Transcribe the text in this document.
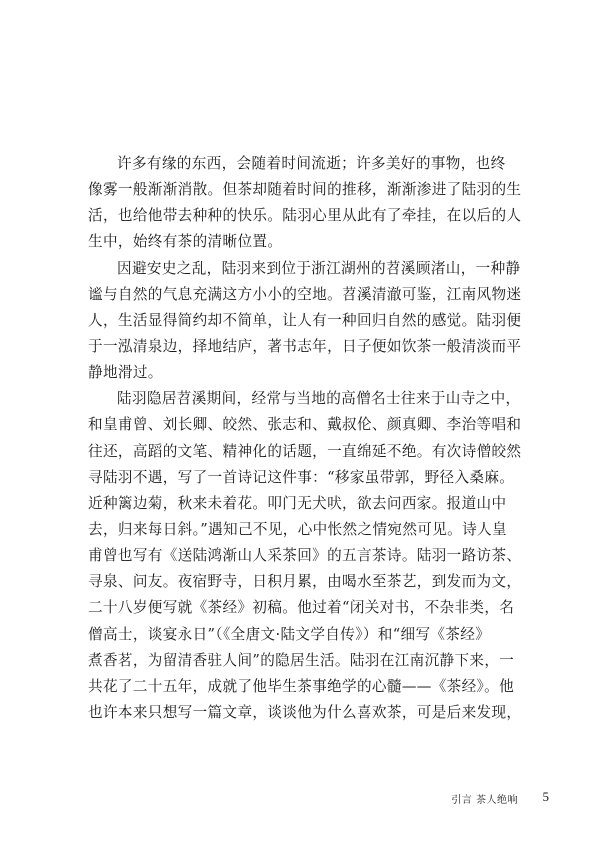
许多有缘的东西，会随着时间流逝；许多美好的事物，也终
像雾一般渐渐消散。但茶却随着时间的推移，渐渐渗进了陆羽的生
活，也给他带去种种的快乐。陆羽心里从此有了牵挂，在以后的人
生中，始终有茶的清晰位置。
因避安史之乱，陆羽来到位于浙江湖州的苕溪顾渚山，一种静
谧与自然的气息充满这方小小的空地。苕溪清澈可鉴，江南风物迷
人，生活显得简约却不简单，让人有一种回归自然的感觉。陆羽便
于一泓清泉边，择地结庐，著书志年，日子便如饮茶一般清淡而平
静地滑过。
陆羽隐居苕溪期间，经常与当地的高僧名士往来于山寺之中，
和皇甫曾、刘长卿、皎然、张志和、戴叔伦、颜真卿、李治等唱和
往还，高蹈的文笔、精神化的话题，一直绵延不绝。有次诗僧皎然
寻陆羽不遇，写了一首诗记这件事：“移家虽带郭，野径入桑麻。
近种篱边菊，秋来未着花。叩门无犬吠，欲去问西家。报道山中
去，归来每日斜。”遇知己不见，心中怅然之情宛然可见。诗人皇
甫曾也写有《送陆鸿渐山人采茶回》的五言茶诗。陆羽一路访茶、
寻泉、问友。夜宿野寺，日积月累，由喝水至茶艺，到发而为文，
二十八岁便写就《茶经》初稿。他过着“闭关对书，不杂非类，名
僧高士，谈宴永日”（《全唐文·陆文学自传》）和“细写《茶经》
煮香茗，为留清香驻人间”的隐居生活。陆羽在江南沉静下来，一
共花了二十五年，成就了他毕生茶事绝学的心髓——《茶经》。他
也许本来只想写一篇文章，谈谈他为什么喜欢茶，可是后来发现，
引言 茶人绝响 5
